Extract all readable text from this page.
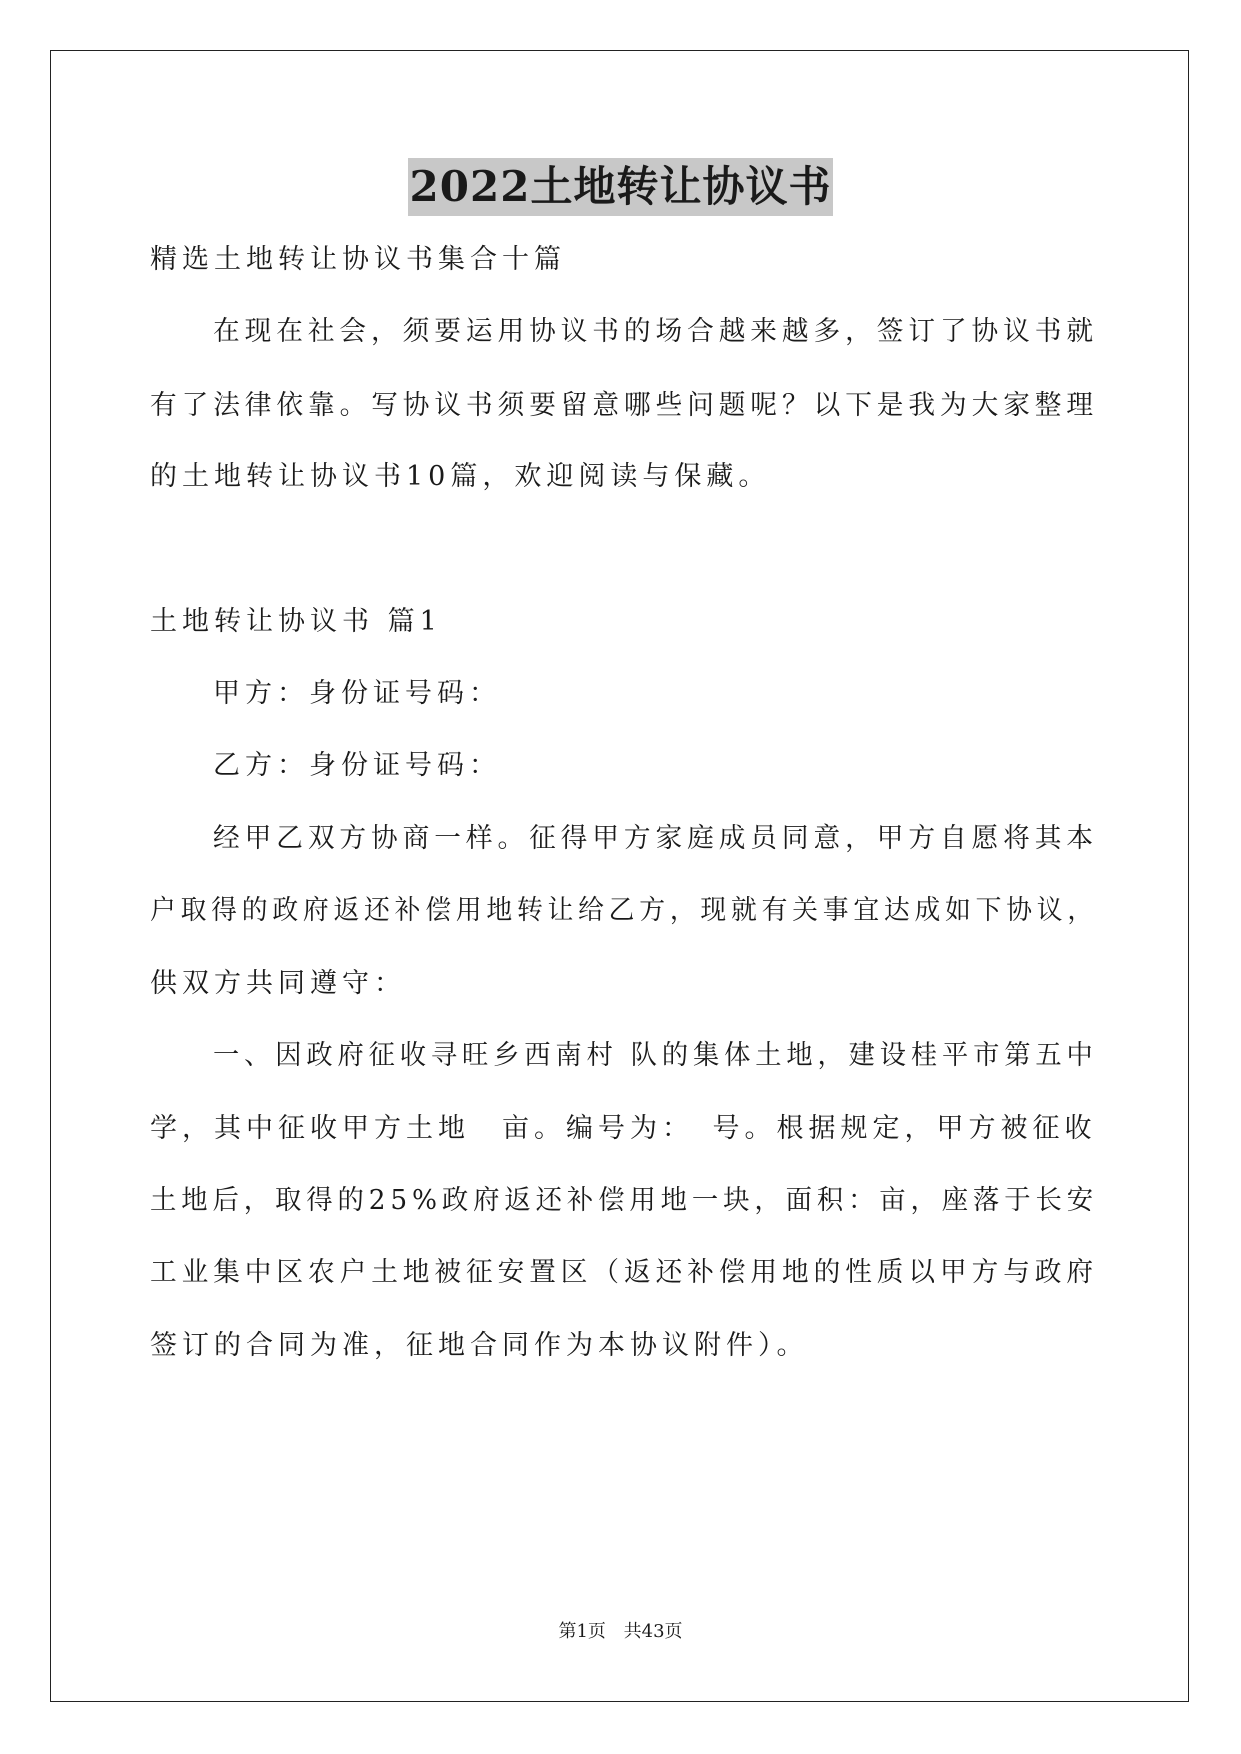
2022土地转让协议书
精选土地转让协议书集合十篇
在现在社会，须要运用协议书的场合越来越多，签订了协议书就
有了法律依靠。写协议书须要留意哪些问题呢？以下是我为大家整理
的土地转让协议书10篇，欢迎阅读与保藏。
土地转让协议书 篇1
甲方：身份证号码：
乙方：身份证号码：
经甲乙双方协商一样。征得甲方家庭成员同意，甲方自愿将其本
户取得的政府返还补偿用地转让给乙方，现就有关事宜达成如下协议，
供双方共同遵守：
一、因政府征收寻旺乡西南村 队的集体土地，建设桂平市第五中
学，其中征收甲方土地　亩。编号为：　号。根据规定，甲方被征收
土地后，取得的25%政府返还补偿用地一块，面积：亩，座落于长安
工业集中区农户土地被征安置区（返还补偿用地的性质以甲方与政府
签订的合同为准，征地合同作为本协议附件）。
第1页 共43页
